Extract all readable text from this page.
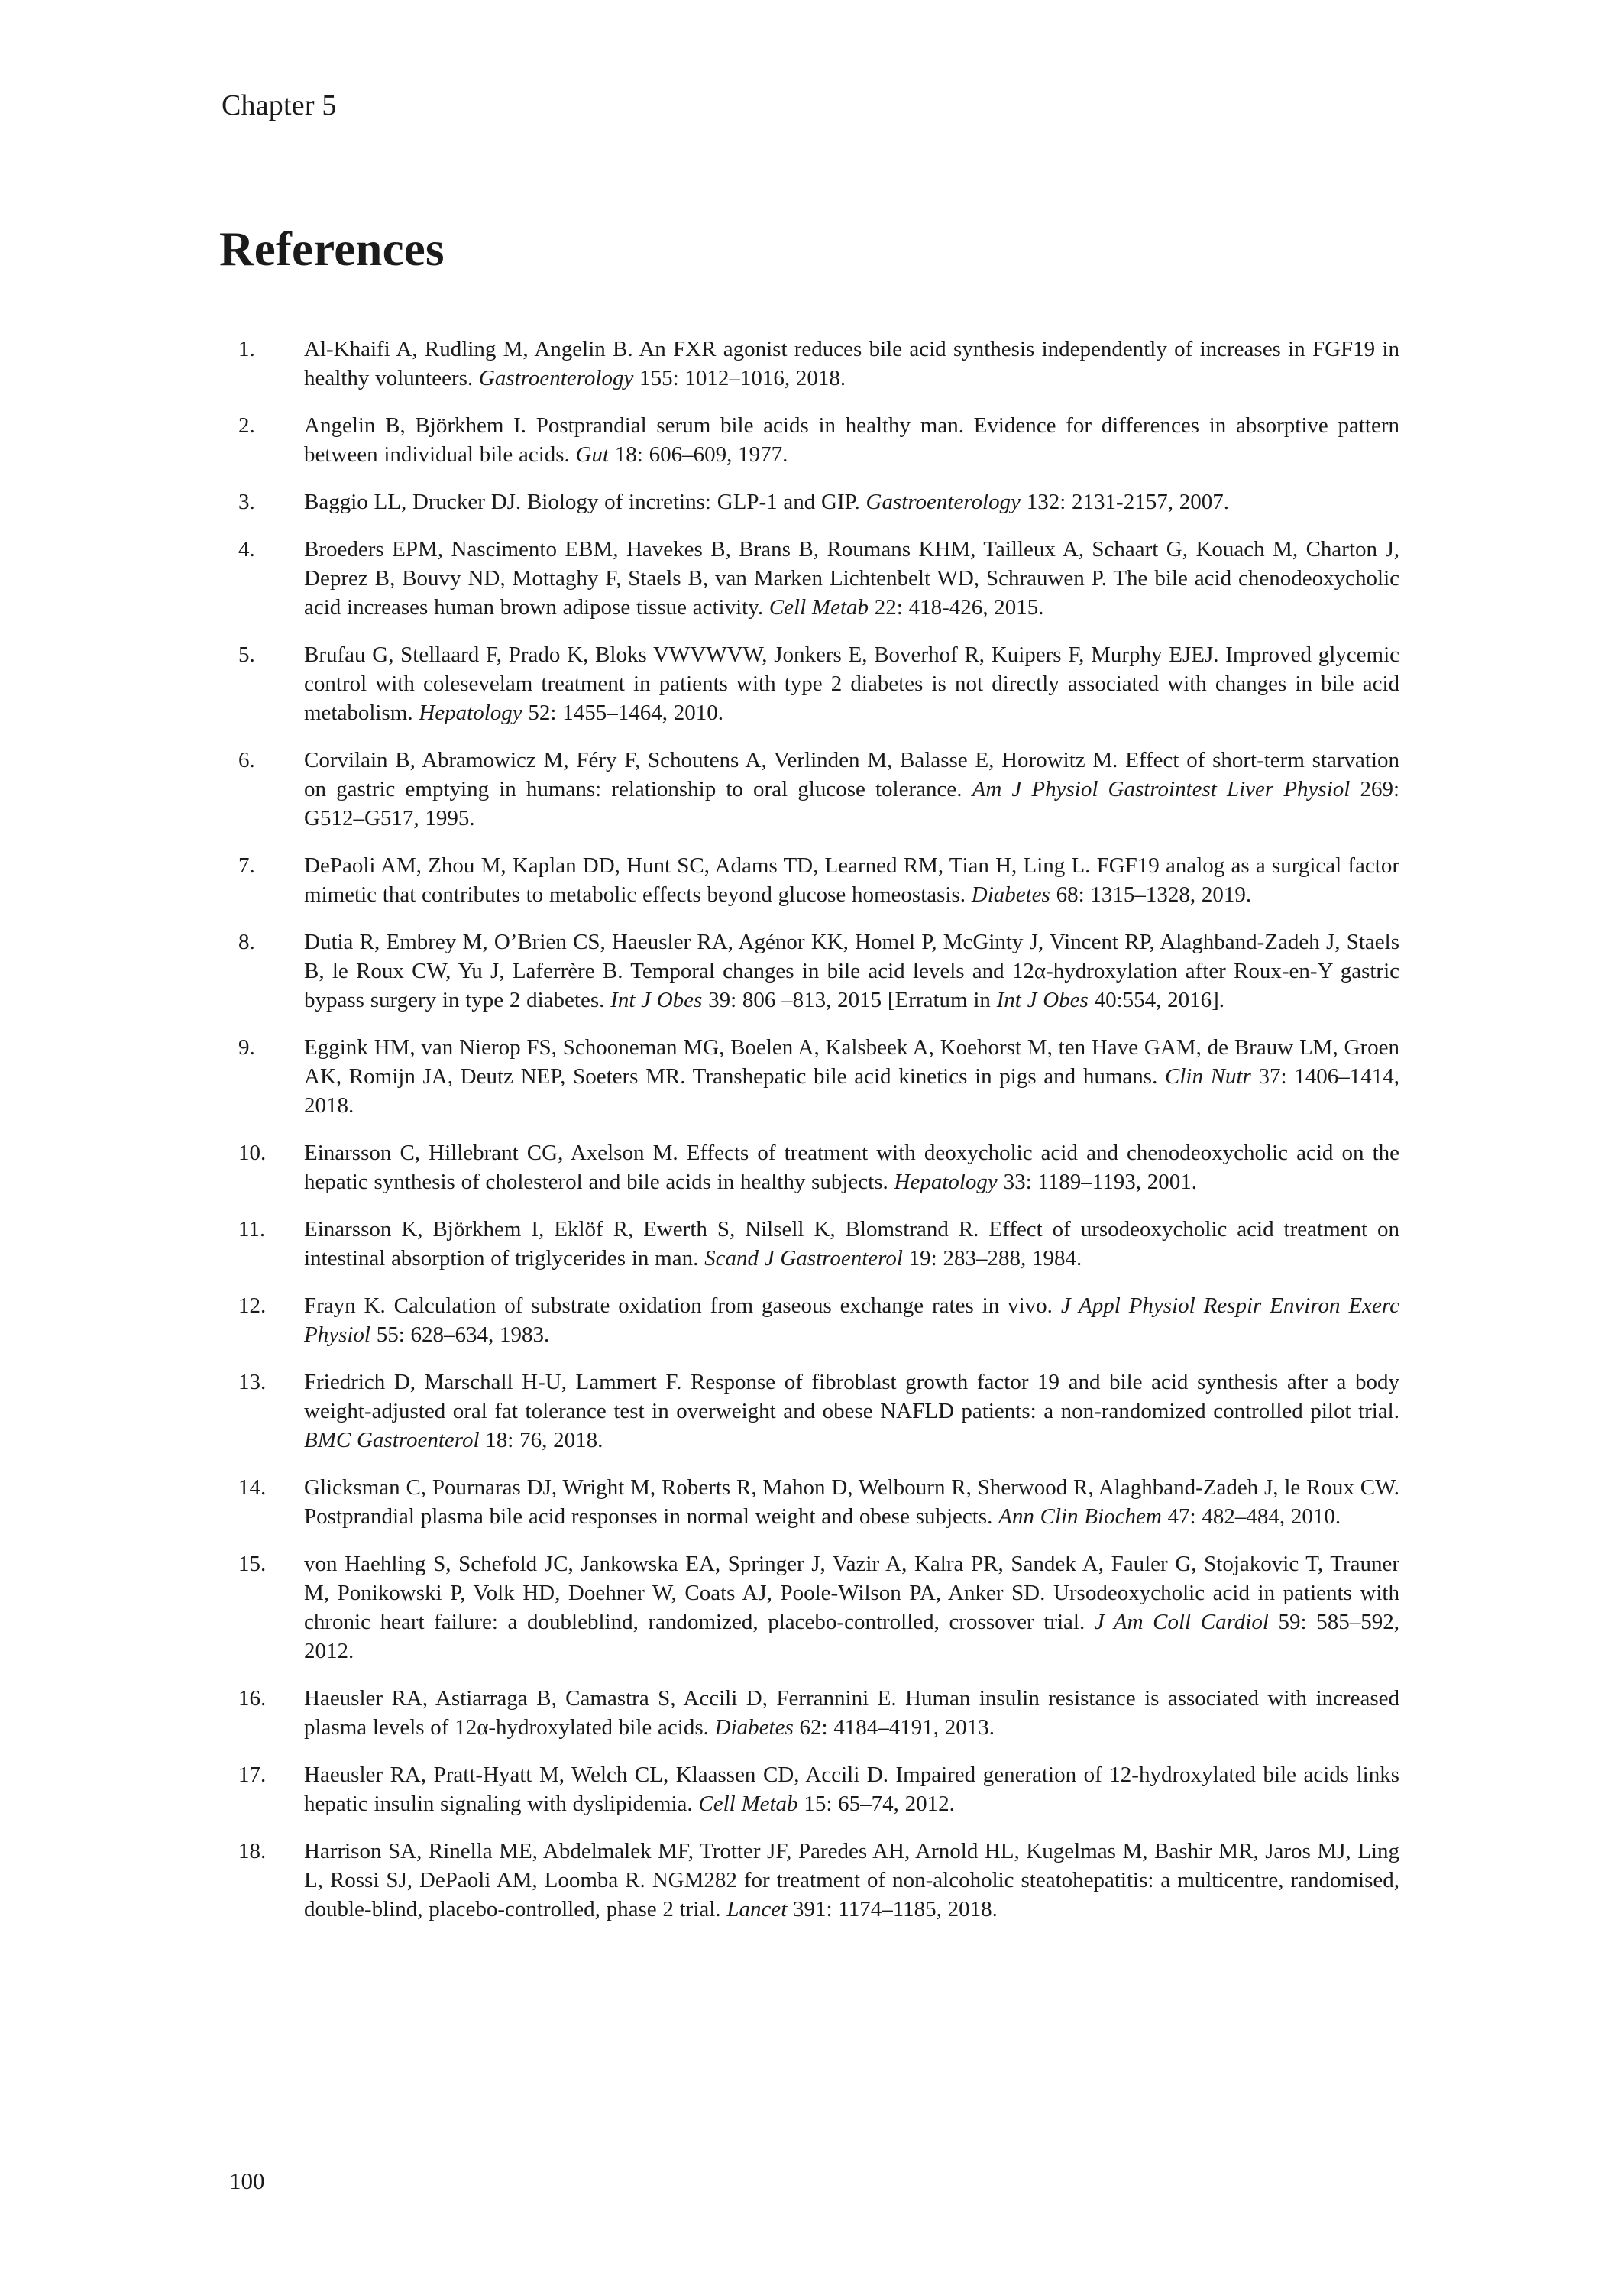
Chapter 5
References
1.	Al-Khaifi A, Rudling M, Angelin B. An FXR agonist reduces bile acid synthesis independently of increases in FGF19 in healthy volunteers. Gastroenterology 155: 1012–1016, 2018.
2.	Angelin B, Björkhem I. Postprandial serum bile acids in healthy man. Evidence for differences in absorptive pattern between individual bile acids. Gut 18: 606–609, 1977.
3.	Baggio LL, Drucker DJ. Biology of incretins: GLP-1 and GIP. Gastroenterology 132: 2131-2157, 2007.
4.	Broeders EPM, Nascimento EBM, Havekes B, Brans B, Roumans KHM, Tailleux A, Schaart G, Kouach M, Charton J, Deprez B, Bouvy ND, Mottaghy F, Staels B, van Marken Lichtenbelt WD, Schrauwen P. The bile acid chenodeoxycholic acid increases human brown adipose tissue activity. Cell Metab 22: 418-426, 2015.
5.	Brufau G, Stellaard F, Prado K, Bloks VWVWVW, Jonkers E, Boverhof R, Kuipers F, Murphy EJEJ. Improved glycemic control with colesevelam treatment in patients with type 2 diabetes is not directly associated with changes in bile acid metabolism. Hepatology 52: 1455–1464, 2010.
6.	Corvilain B, Abramowicz M, Féry F, Schoutens A, Verlinden M, Balasse E, Horowitz M. Effect of short-term starvation on gastric emptying in humans: relationship to oral glucose tolerance. Am J Physiol Gastrointest Liver Physiol 269: G512–G517, 1995.
7.	DePaoli AM, Zhou M, Kaplan DD, Hunt SC, Adams TD, Learned RM, Tian H, Ling L. FGF19 analog as a surgical factor mimetic that contributes to metabolic effects beyond glucose homeostasis. Diabetes 68: 1315–1328, 2019.
8.	Dutia R, Embrey M, O’Brien CS, Haeusler RA, Agénor KK, Homel P, McGinty J, Vincent RP, Alaghband-Zadeh J, Staels B, le Roux CW, Yu J, Laferrère B. Temporal changes in bile acid levels and 12α-hydroxylation after Roux-en-Y gastric bypass surgery in type 2 diabetes. Int J Obes 39: 806 –813, 2015 [Erratum in Int J Obes 40:554, 2016].
9.	Eggink HM, van Nierop FS, Schooneman MG, Boelen A, Kalsbeek A, Koehorst M, ten Have GAM, de Brauw LM, Groen AK, Romijn JA, Deutz NEP, Soeters MR. Transhepatic bile acid kinetics in pigs and humans. Clin Nutr 37: 1406–1414, 2018.
10.	Einarsson C, Hillebrant CG, Axelson M. Effects of treatment with deoxycholic acid and chenodeoxycholic acid on the hepatic synthesis of cholesterol and bile acids in healthy subjects. Hepatology 33: 1189–1193, 2001.
11.	Einarsson K, Björkhem I, Eklöf R, Ewerth S, Nilsell K, Blomstrand R. Effect of ursodeoxycholic acid treatment on intestinal absorption of triglycerides in man. Scand J Gastroenterol 19: 283–288, 1984.
12.	Frayn K. Calculation of substrate oxidation from gaseous exchange rates in vivo. J Appl Physiol Respir Environ Exerc Physiol 55: 628–634, 1983.
13.	Friedrich D, Marschall H-U, Lammert F. Response of fibroblast growth factor 19 and bile acid synthesis after a body weight-adjusted oral fat tolerance test in overweight and obese NAFLD patients: a non-randomized controlled pilot trial. BMC Gastroenterol 18: 76, 2018.
14.	Glicksman C, Pournaras DJ, Wright M, Roberts R, Mahon D, Welbourn R, Sherwood R, Alaghband-Zadeh J, le Roux CW. Postprandial plasma bile acid responses in normal weight and obese subjects. Ann Clin Biochem 47: 482–484, 2010.
15.	von Haehling S, Schefold JC, Jankowska EA, Springer J, Vazir A, Kalra PR, Sandek A, Fauler G, Stojakovic T, Trauner M, Ponikowski P, Volk HD, Doehner W, Coats AJ, Poole-Wilson PA, Anker SD. Ursodeoxycholic acid in patients with chronic heart failure: a doubleblind, randomized, placebo-controlled, crossover trial. J Am Coll Cardiol 59: 585–592, 2012.
16.	Haeusler RA, Astiarraga B, Camastra S, Accili D, Ferrannini E. Human insulin resistance is associated with increased plasma levels of 12α-hydroxylated bile acids. Diabetes 62: 4184–4191, 2013.
17.	Haeusler RA, Pratt-Hyatt M, Welch CL, Klaassen CD, Accili D. Impaired generation of 12-hydroxylated bile acids links hepatic insulin signaling with dyslipidemia. Cell Metab 15: 65–74, 2012.
18.	Harrison SA, Rinella ME, Abdelmalek MF, Trotter JF, Paredes AH, Arnold HL, Kugelmas M, Bashir MR, Jaros MJ, Ling L, Rossi SJ, DePaoli AM, Loomba R. NGM282 for treatment of non-alcoholic steatohepatitis: a multicentre, randomised, double-blind, placebo-controlled, phase 2 trial. Lancet 391: 1174–1185, 2018.
100
